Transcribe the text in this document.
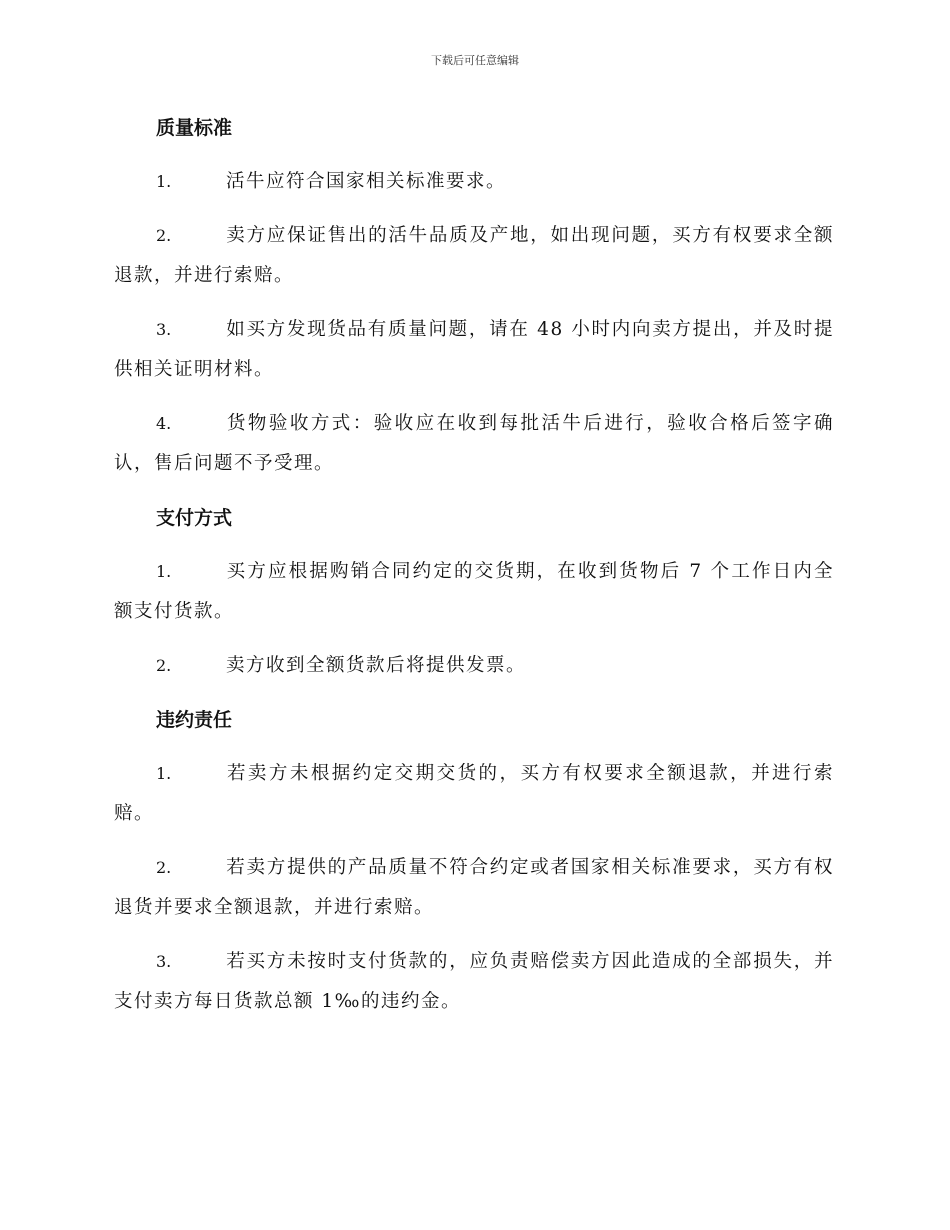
下载后可任意编辑
质量标准
1.	活牛应符合国家相关标准要求。
2.	卖方应保证售出的活牛品质及产地，如出现问题，买方有权要求全额退款，并进行索赔。
3.	如买方发现货品有质量问题，请在 48 小时内向卖方提出，并及时提供相关证明材料。
4.	货物验收方式：验收应在收到每批活牛后进行，验收合格后签字确认，售后问题不予受理。
支付方式
1.	买方应根据购销合同约定的交货期，在收到货物后 7 个工作日内全额支付货款。
2.	卖方收到全额货款后将提供发票。
违约责任
1.	若卖方未根据约定交期交货的，买方有权要求全额退款，并进行索赔。
2.	若卖方提供的产品质量不符合约定或者国家相关标准要求，买方有权退货并要求全额退款，并进行索赔。
3.	若买方未按时支付货款的，应负责赔偿卖方因此造成的全部损失，并支付卖方每日货款总额 1‰的违约金。
